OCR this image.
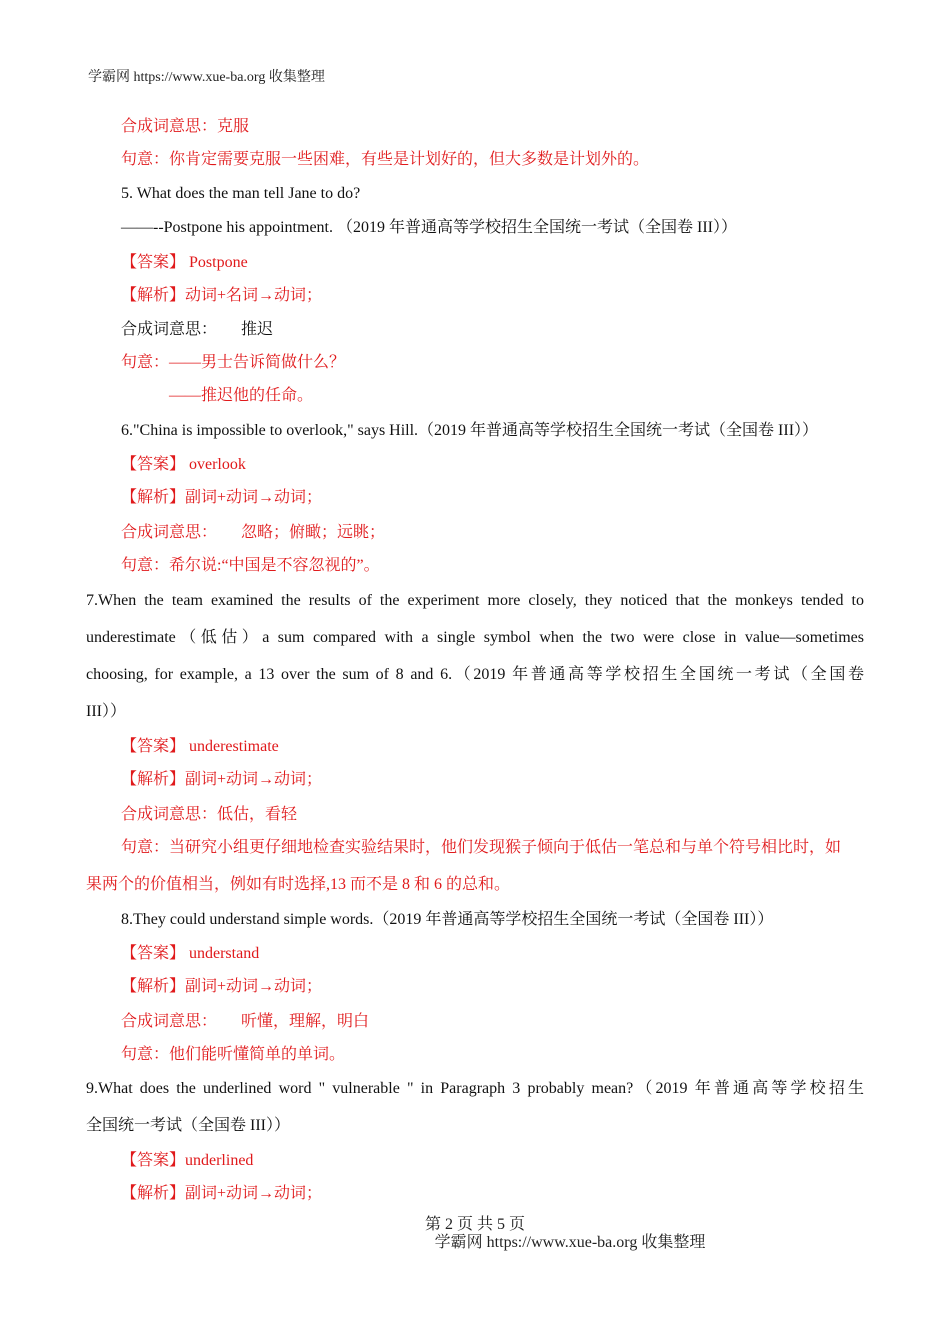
学霸网 https://www.xue-ba.org 收集整理
合成词意思：克服
句意：你肯定需要克服一些困难，有些是计划好的，但大多数是计划外的。
5. What does the man tell Jane to do?
——--Postpone his appointment. （2019 年普通高等学校招生全国统一考试（全国卷 III））
【答案】 Postpone
【解析】动词+名词→动词；
合成词意思： 推迟
句意：——男士告诉简做什么？
——推迟他的任命。
6."China is impossible to overlook," says Hill.（2019 年普通高等学校招生全国统一考试（全国卷 III））
【答案】 overlook
【解析】副词+动词→动词；
合成词意思： 忽略；俯瞰；远眺；
句意：希尔说:“中国是不容忽视的”。
7.When the team examined the results of the experiment more closely, they noticed that the monkeys tended to
underestimate（低估）a sum compared with a single symbol when the two were close in value—sometimes
choosing, for example, a 13 over the sum of 8 and 6.（2019 年普通高等学校招生全国统一考试（全国卷
III））
【答案】 underestimate
【解析】副词+动词→动词；
合成词意思：低估，看轻
句意：当研究小组更仔细地检查实验结果时，他们发现猴子倾向于低估一笔总和与单个符号相比时，如
果两个的价值相当，例如有时选择,13 而不是 8 和 6 的总和。
8.They could understand simple words.（2019 年普通高等学校招生全国统一考试（全国卷 III））
【答案】 understand
【解析】副词+动词→动词；
合成词意思： 听懂，理解，明白
句意：他们能听懂简单的单词。
9.What does the underlined word " vulnerable " in Paragraph 3 probably mean?（2019 年普通高等学校招生
全国统一考试（全国卷 III））
【答案】underlined
【解析】副词+动词→动词；
第 2 页 共 5 页
学霸网 https://www.xue-ba.org 收集整理
